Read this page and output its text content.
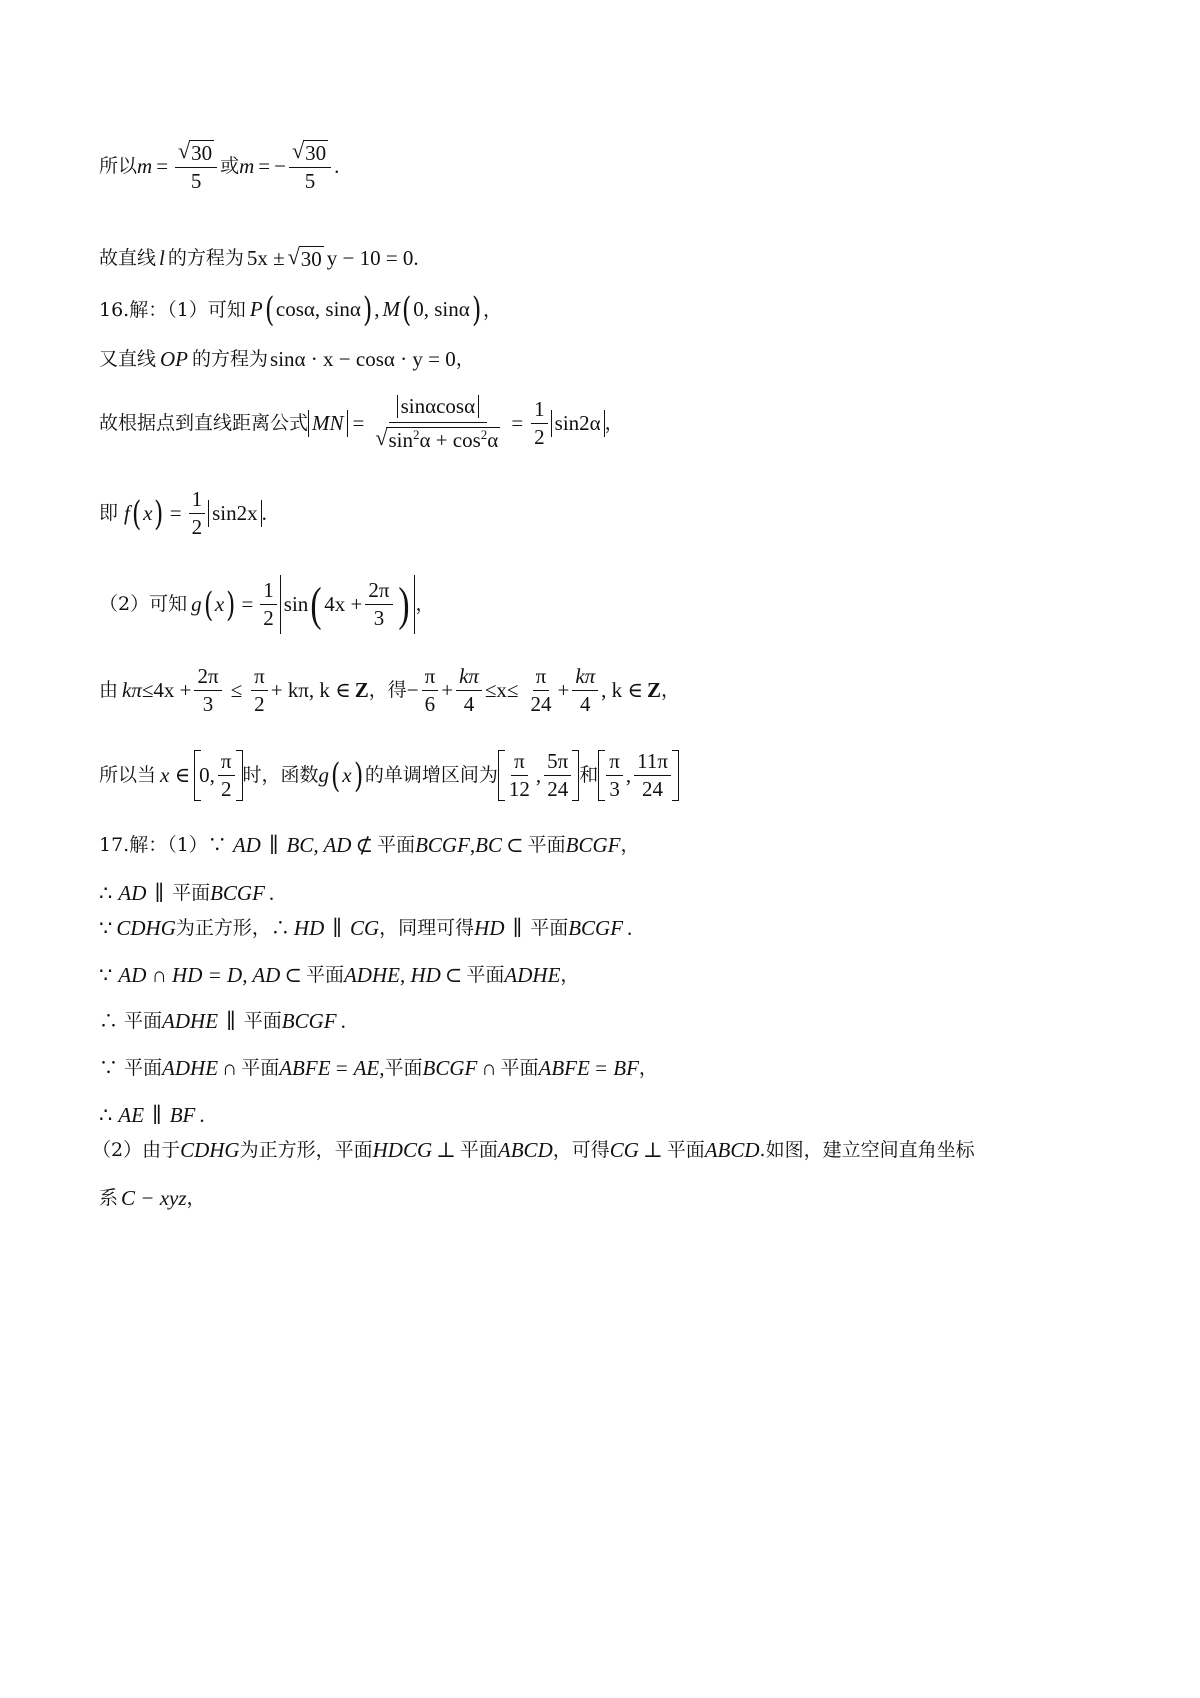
所以 $m = \frac{√ 30}{5}$ 或 m = − $\frac{√ 30}{5}$ .
故直线 l 的方程为 5x ± √ 30 y − 10 = 0 .
16.解：（1）可知 P ( cosα, sinα ) , M ( 0, sinα ) ，
又直线 OP 的方程为 sinα · x − cosα · y = 0 ，
故根据点到直线距离公式 MN = $\frac{\sin\alpha\cos\alpha}{√ \sin^2\alpha + \cos^2\alpha} = \frac{1}{2} \sin 2\alpha$ ，
即 f ( x ) = $\frac{1}{2} \sin 2x$ .
（2）可知 g ( x ) = $\frac{1}{2}$ sin ( $4x + \frac{2\pi}{3}$ ) ，
由 $k\pi \le 4x + \frac{2\pi}{3} \le \frac{\pi}{2} + k\pi$, k ∈ Z ，得 − $\frac{\pi}{6} + \frac{k\pi}{4} \le x\le \frac{\pi}{24} + \frac{k\pi}{4}$ , k ∈ Z ，
所以当 x ∈ 0 , $\frac{\pi}{2}$ 时，函数 g ( x ) 的单调增区间为 $\frac{\pi}{12}$ , $\frac{5\pi}{24}$ 和 $\frac{\pi}{3}$ , $\frac{11\pi}{24}$
17.解：（1）∵ AD ∥ BC, AD ⊄ 平面 BCGF , BC ⊂ 平面 BCGF ，
∴ AD ∥ 平面 BCGF .
∵ CDHG 为正方形，∴ HD ∥ CG ，同理可得 HD ∥ 平面 BCGF .
∵ AD ∩ HD = D, AD ⊂ 平面 ADHE , HD ⊂ 平面 ADHE ，
∴ 平面 ADHE ∥ 平面 BCGF .
∵ 平面 ADHE ∩ 平面 ABFE = AE, 平面 BCGF ∩ 平面 ABFE = BF ，
∴ AE ∥ BF .
（2）由于 CDHG 为正方形，平面 HDCG ⊥ 平面 ABCD ，可得 CG ⊥ 平面 ABCD .如图，建立空间直角坐标
系 C − xyz ，
